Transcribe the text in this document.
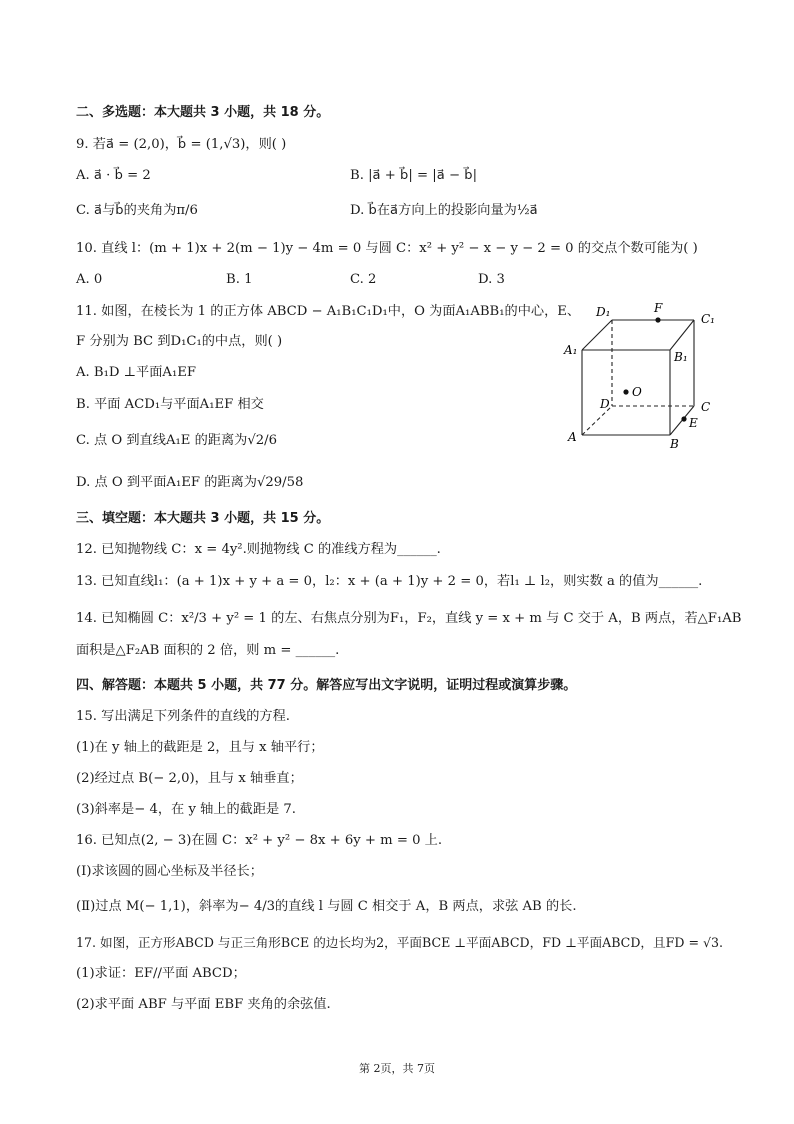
二、多选题：本大题共 3 小题，共 18 分。
9. 若a⃗ = (2,0)，b⃗ = (1,√3)，则( )
A. a⃗ · b⃗ = 2	B. |a⃗ + b⃗| = |a⃗ − b⃗|
C. a⃗与b⃗的夹角为π/6	D. b⃗在a⃗方向上的投影向量为½a⃗
10. 直线 l：(m + 1)x + 2(m − 1)y − 4m = 0 与圆 C：x² + y² − x − y − 2 = 0 的交点个数可能为( )
A. 0	B. 1	C. 2	D. 3
11. 如图，在棱长为 1 的正方体 ABCD − A₁B₁C₁D₁中，O 为面A₁ABB₁的中心，E、
F 分别为 BC 到D₁C₁的中点，则( )
A. B₁D ⊥平面A₁EF
B. 平面 ACD₁与平面A₁EF 相交
C. 点 O 到直线A₁E 的距离为√2/6
D. 点 O 到平面A₁EF 的距离为√29/58
D₁	F
C₁
A₁	B₁
O
D	C
A
E
B
三、填空题：本大题共 3 小题，共 15 分。
12. 已知抛物线 C：x = 4y².则抛物线 C 的准线方程为______.
13. 已知直线l₁：(a + 1)x + y + a = 0，l₂：x + (a + 1)y + 2 = 0，若l₁ ⊥ l₂，则实数 a 的值为______.
14. 已知椭圆 C：x²/3 + y² = 1 的左、右焦点分别为F₁，F₂，直线 y = x + m 与 C 交于 A，B 两点，若△F₁AB
面积是△F₂AB 面积的 2 倍，则 m = ______.
四、解答题：本题共 5 小题，共 77 分。解答应写出文字说明，证明过程或演算步骤。
15. 写出满足下列条件的直线的方程.
(1)在 y 轴上的截距是 2，且与 x 轴平行；
(2)经过点 B(− 2,0)，且与 x 轴垂直；
(3)斜率是− 4，在 y 轴上的截距是 7.
16. 已知点(2, − 3)在圆 C：x² + y² − 8x + 6y + m = 0 上.
(Ⅰ)求该圆的圆心坐标及半径长；
(Ⅱ)过点 M(− 1,1)，斜率为− 4/3的直线 l 与圆 C 相交于 A，B 两点，求弦 AB 的长.
17. 如图，正方形ABCD 与正三角形BCE 的边长均为2，平面BCE ⊥平面ABCD，FD ⊥平面ABCD，且FD = √3.
(1)求证：EF//平面 ABCD；
(2)求平面 ABF 与平面 EBF 夹角的余弦值.
第 2页，共 7页
